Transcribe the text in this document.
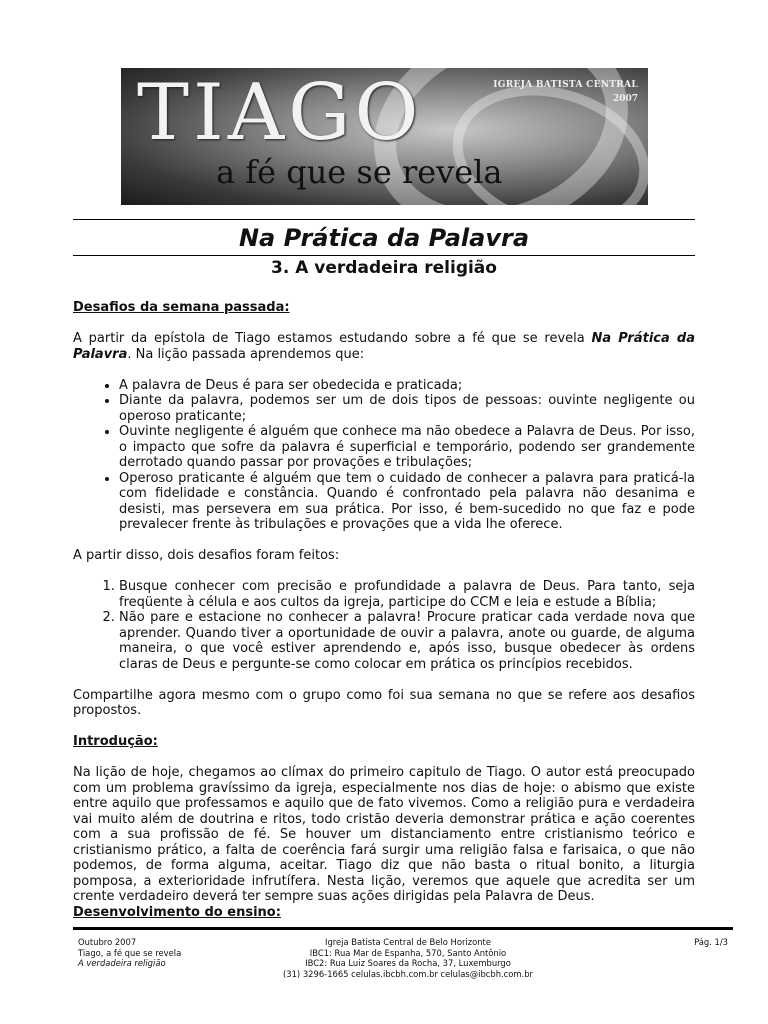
TIAGO
a fé que se revela
IGREJA BATISTA CENTRAL
2007
Na Prática da Palavra
3. A verdadeira religião
Desafios da semana passada:

A partir da epístola de Tiago estamos estudando sobre a fé que se revela Na Prática da Palavra. Na lição passada aprendemos que:

• A palavra de Deus é para ser obedecida e praticada;
• Diante da palavra, podemos ser um de dois tipos de pessoas: ouvinte negligente ou operoso praticante;
• Ouvinte negligente é alguém que conhece ma não obedece a Palavra de Deus. Por isso, o impacto que sofre da palavra é superficial e temporário, podendo ser grandemente derrotado quando passar por provações e tribulações;
• Operoso praticante é alguém que tem o cuidado de conhecer a palavra para praticá-la com fidelidade e constância. Quando é confrontado pela palavra não desanima e desisti, mas persevera em sua prática. Por isso, é bem-sucedido no que faz e pode prevalecer frente às tribulações e provações que a vida lhe oferece.

A partir disso, dois desafios foram feitos:

1. Busque conhecer com precisão e profundidade a palavra de Deus. Para tanto, seja freqüente à célula e aos cultos da igreja, participe do CCM e leia e estude a Bíblia;
2. Não pare e estacione no conhecer a palavra! Procure praticar cada verdade nova que aprender. Quando tiver a oportunidade de ouvir a palavra, anote ou guarde, de alguma maneira, o que você estiver aprendendo e, após isso, busque obedecer às ordens claras de Deus e pergunte-se como colocar em prática os princípios recebidos.

Compartilhe agora mesmo com o grupo como foi sua semana no que se refere aos desafios propostos.

Introdução:

Na lição de hoje, chegamos ao clímax do primeiro capitulo de Tiago. O autor está preocupado com um problema gravíssimo da igreja, especialmente nos dias de hoje: o abismo que existe entre aquilo que professamos e aquilo que de fato vivemos. Como a religião pura e verdadeira vai muito além de doutrina e ritos, todo cristão deveria demonstrar prática e ação coerentes com a sua profissão de fé. Se houver um distanciamento entre cristianismo teórico e cristianismo prático, a falta de coerência fará surgir uma religião falsa e farisaica, o que não podemos, de forma alguma, aceitar. Tiago diz que não basta o ritual bonito, a liturgia pomposa, a exterioridade infrutífera. Nesta lição, veremos que aquele que acredita ser um crente verdadeiro deverá ter sempre suas ações dirigidas pela Palavra de Deus.

Desenvolvimento do ensino:
Outubro 2007
Tiago, a fé que se revela
A verdadeira religião
Igreja Batista Central de Belo Horizonte
IBC1: Rua Mar de Espanha, 570, Santo Antônio
IBC2: Rua Luiz Soares da Rocha, 37, Luxemburgo
(31) 3296-1665 celulas.ibcbh.com.br celulas@ibcbh.com.br
Pág. 1/3
